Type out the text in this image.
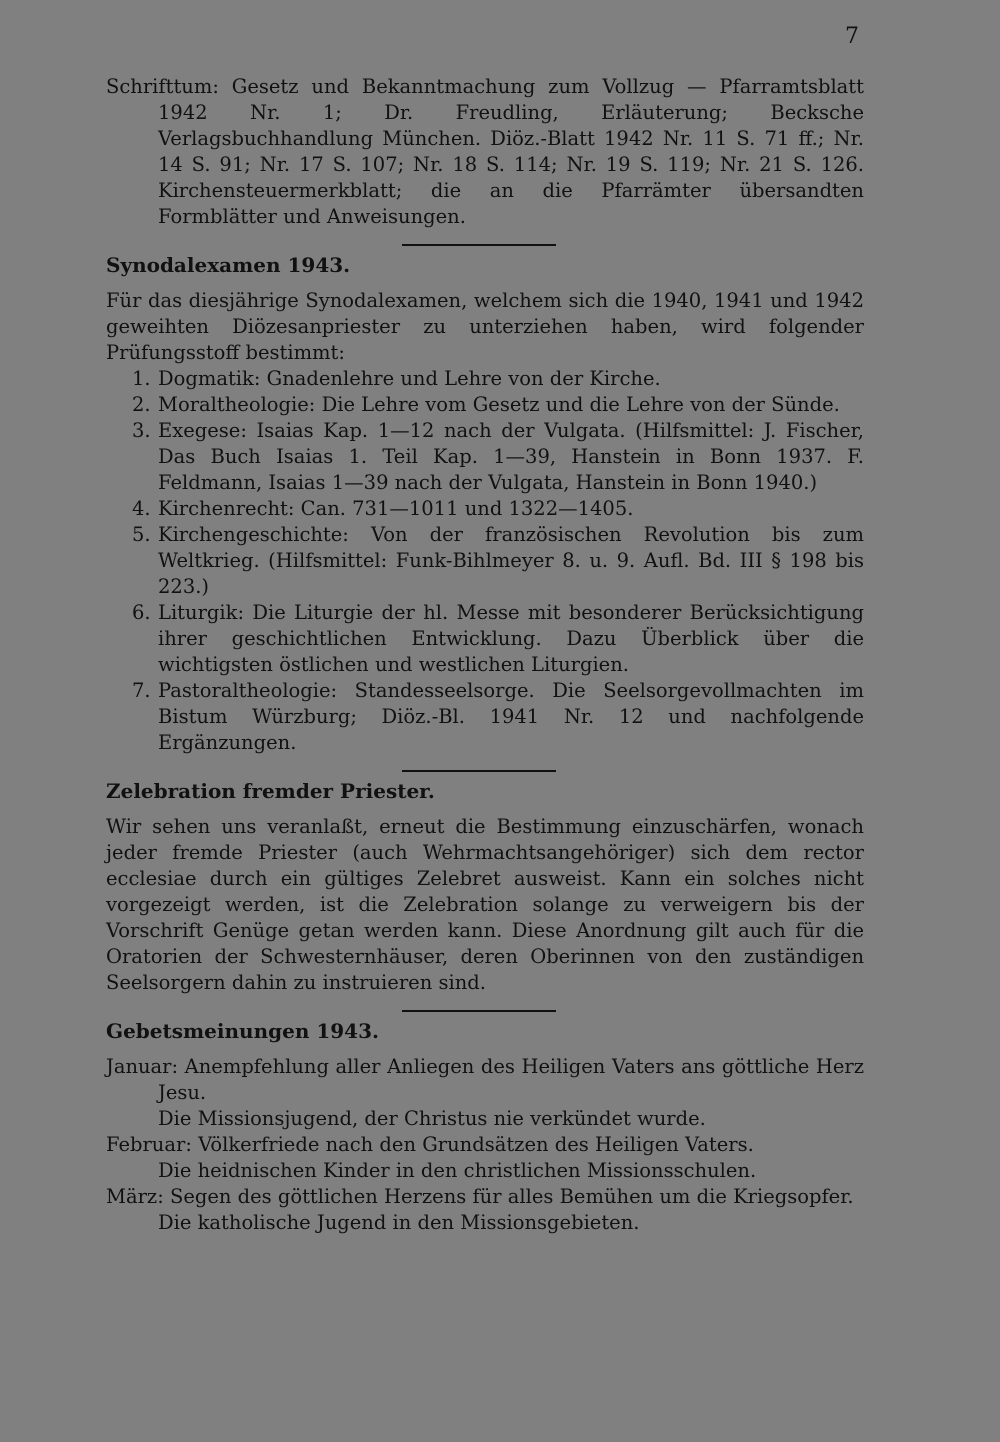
7

Schrifttum: Gesetz und Bekanntmachung zum Vollzug — Pfarramtsblatt 1942 Nr. 1; Dr. Freudling, Erläuterung; Becksche Verlagsbuchhandlung München. Diöz.-Blatt 1942 Nr. 11 S. 71 ff.; Nr. 14 S. 91; Nr. 17 S. 107; Nr. 18 S. 114; Nr. 19 S. 119; Nr. 21 S. 126. Kirchensteuermerkblatt; die an die Pfarrämter übersandten Formblätter und Anweisungen.

Synodalexamen 1943.

Für das diesjährige Synodalexamen, welchem sich die 1940, 1941 und 1942 geweihten Diözesanpriester zu unterziehen haben, wird folgender Prüfungsstoff bestimmt:

1. Dogmatik: Gnadenlehre und Lehre von der Kirche.
2. Moraltheologie: Die Lehre vom Gesetz und die Lehre von der Sünde.
3. Exegese: Isaias Kap. 1—12 nach der Vulgata. (Hilfsmittel: J. Fischer, Das Buch Isaias 1. Teil Kap. 1—39, Hanstein in Bonn 1937. F. Feldmann, Isaias 1—39 nach der Vulgata, Hanstein in Bonn 1940.)
4. Kirchenrecht: Can. 731—1011 und 1322—1405.
5. Kirchengeschichte: Von der französischen Revolution bis zum Weltkrieg. (Hilfsmittel: Funk-Bihlmeyer 8. u. 9. Aufl. Bd. III § 198 bis 223.)
6. Liturgik: Die Liturgie der hl. Messe mit besonderer Berücksichtigung ihrer geschichtlichen Entwicklung. Dazu Überblick über die wichtigsten östlichen und westlichen Liturgien.
7. Pastoraltheologie: Standesseelsorge. Die Seelsorgevollmachten im Bistum Würzburg; Diöz.-Bl. 1941 Nr. 12 und nachfolgende Ergänzungen.
Zelebration fremder Priester.

Wir sehen uns veranlaßt, erneut die Bestimmung einzuschärfen, wonach jeder fremde Priester (auch Wehrmachtsangehöriger) sich dem rector ecclesiae durch ein gültiges Zelebret ausweist. Kann ein solches nicht vorgezeigt werden, ist die Zelebration solange zu verweigern bis der Vorschrift Genüge getan werden kann. Diese Anordnung gilt auch für die Oratorien der Schwesternhäuser, deren Oberinnen von den zuständigen Seelsorgern dahin zu instruieren sind.

Gebetsmeinungen 1943.
Januar: Anempfehlung aller Anliegen des Heiligen Vaters ans göttliche Herz Jesu.
Die Missionsjugend, der Christus nie verkündet wurde.
Februar: Völkerfriede nach den Grundsätzen des Heiligen Vaters.
Die heidnischen Kinder in den christlichen Missionsschulen.
März: Segen des göttlichen Herzens für alles Bemühen um die Kriegsopfer.
Die katholische Jugend in den Missionsgebieten.
